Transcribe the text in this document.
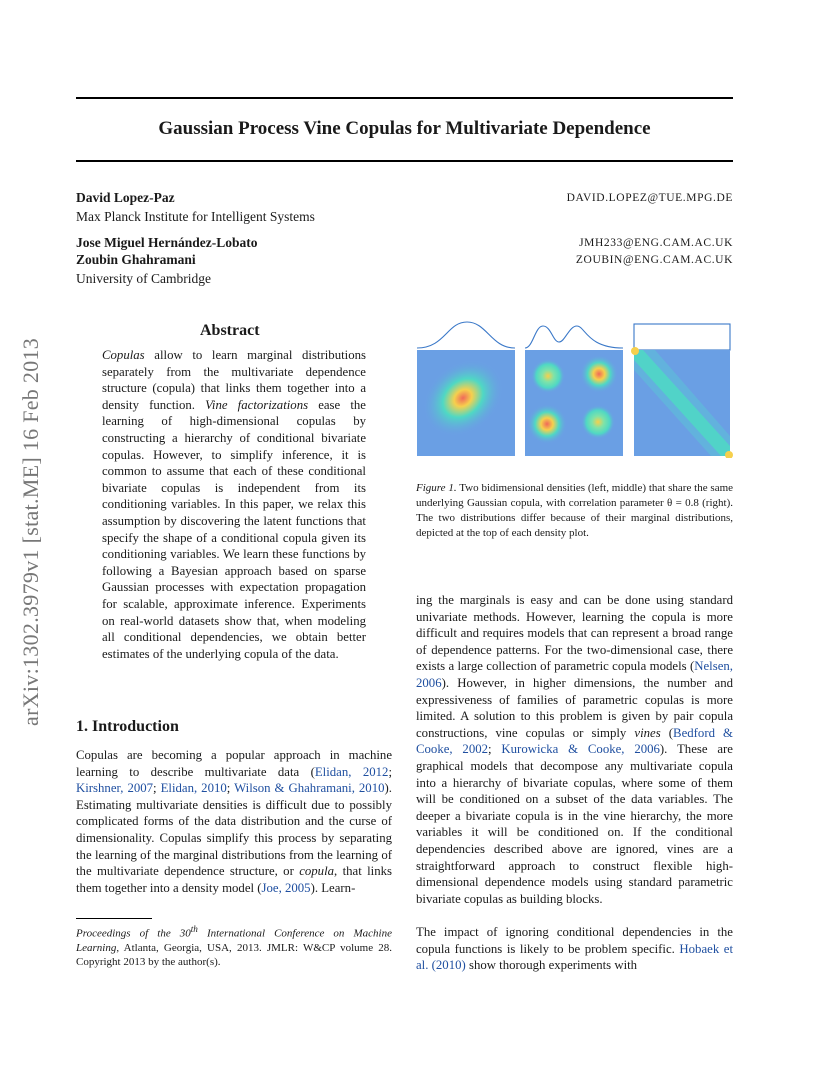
arXiv:1302.3979v1 [stat.ME] 16 Feb 2013
Gaussian Process Vine Copulas for Multivariate Dependence
David Lopez-Paz	DAVID.LOPEZ@TUE.MPG.DE
Max Planck Institute for Intelligent Systems
Jose Miguel Hernández-Lobato	JMH233@ENG.CAM.AC.UK
Zoubin Ghahramani	ZOUBIN@ENG.CAM.AC.UK
University of Cambridge
Abstract

Copulas allow to learn marginal distributions separately from the multivariate dependence structure (copula) that links them together into a density function. Vine factorizations ease the learning of high-dimensional copulas by constructing a hierarchy of conditional bivariate copulas. However, to simplify inference, it is common to assume that each of these conditional bivariate copulas is independent from its conditioning variables. In this paper, we relax this assumption by discovering the latent functions that specify the shape of a conditional copula given its conditioning variables. We learn these functions by following a Bayesian approach based on sparse Gaussian processes with expectation propagation for scalable, approximate inference. Experiments on real-world datasets show that, when modeling all conditional dependencies, we obtain better estimates of the underlying copula of the data.

1. Introduction

Copulas are becoming a popular approach in machine learning to describe multivariate data (Elidan, 2012; Kirshner, 2007; Elidan, 2010; Wilson & Ghahramani, 2010). Estimating multivariate densities is difficult due to possibly complicated forms of the data distribution and the curse of dimensionality. Copulas simplify this process by separating the learning of the marginal distributions from the learning of the multivariate dependence structure, or copula, that links them together into a density model (Joe, 2005). Learn-

Proceedings of the 30th International Conference on Machine Learning, Atlanta, Georgia, USA, 2013. JMLR: W&CP volume 28. Copyright 2013 by the author(s).

Figure 1. Two bidimensional densities (left, middle) that share the same underlying Gaussian copula, with correlation parameter θ = 0.8 (right). The two distributions differ because of their marginal distributions, depicted at the top of each density plot.

ing the marginals is easy and can be done using standard univariate methods. However, learning the copula is more difficult and requires models that can represent a broad range of dependence patterns. For the two-dimensional case, there exists a large collection of parametric copula models (Nelsen, 2006). However, in higher dimensions, the number and expressiveness of families of parametric copulas is more limited. A solution to this problem is given by pair copula constructions, vine copulas or simply vines (Bedford & Cooke, 2002; Kurowicka & Cooke, 2006). These are graphical models that decompose any multivariate copula into a hierarchy of bivariate copulas, where some of them will be conditioned on a subset of the data variables. The deeper a bivariate copula is in the vine hierarchy, the more variables it will be conditioned on. If the conditional dependencies described above are ignored, vines are a straightforward approach to construct flexible high-dimensional dependence models using standard parametric bivariate copulas as building blocks.

The impact of ignoring conditional dependencies in the copula functions is likely to be problem specific. Hobaek et al. (2010) show thorough experiments with
